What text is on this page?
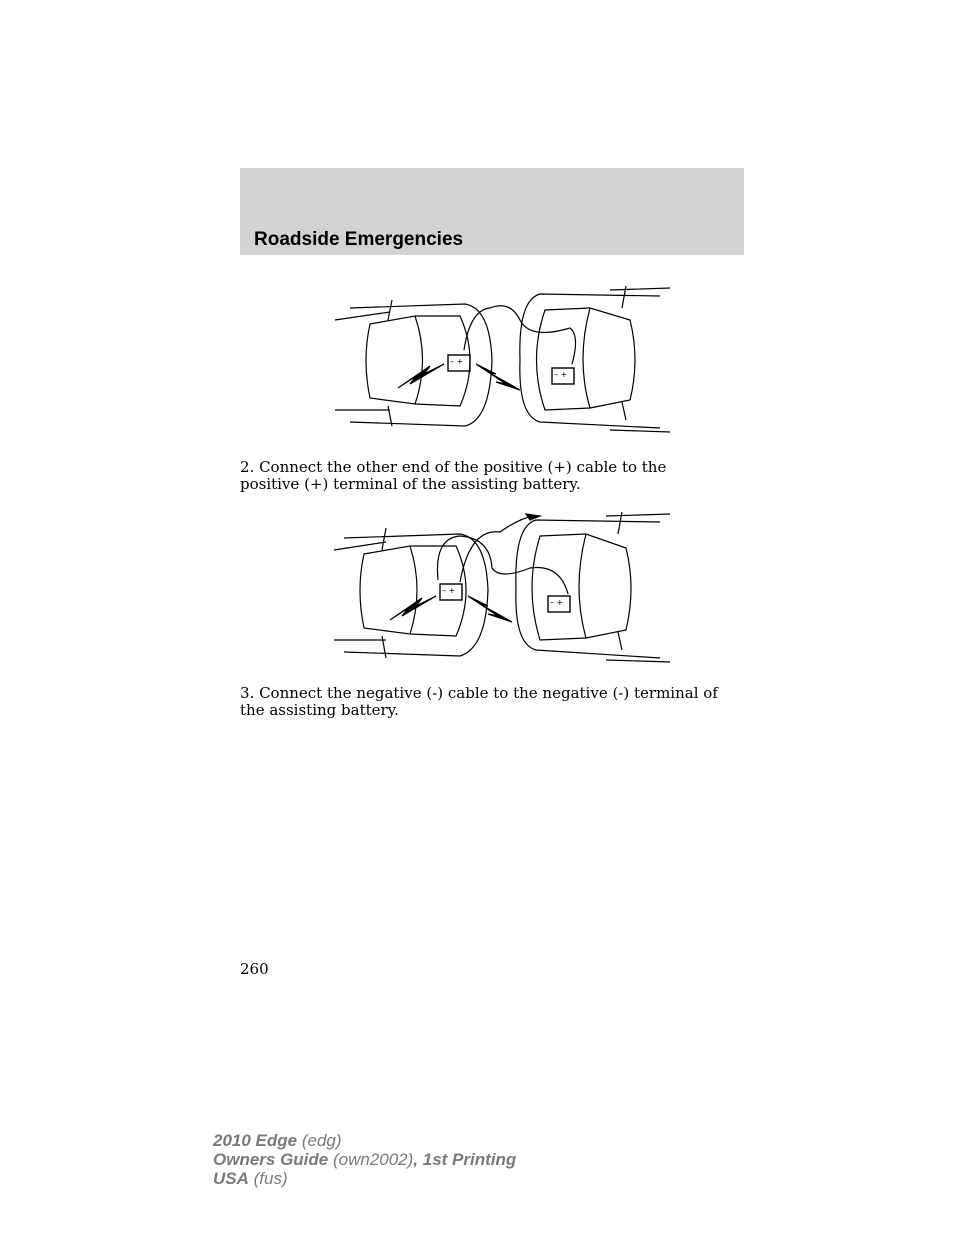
Roadside Emergencies
– +
– +

2. Connect the other end of the positive (+) cable to the positive (+) terminal of the assisting battery.

– +
– +

3. Connect the negative (-) cable to the negative (-) terminal of the assisting battery.

260

2010 Edge (edg)
Owners Guide (own2002), 1st Printing
USA (fus)
